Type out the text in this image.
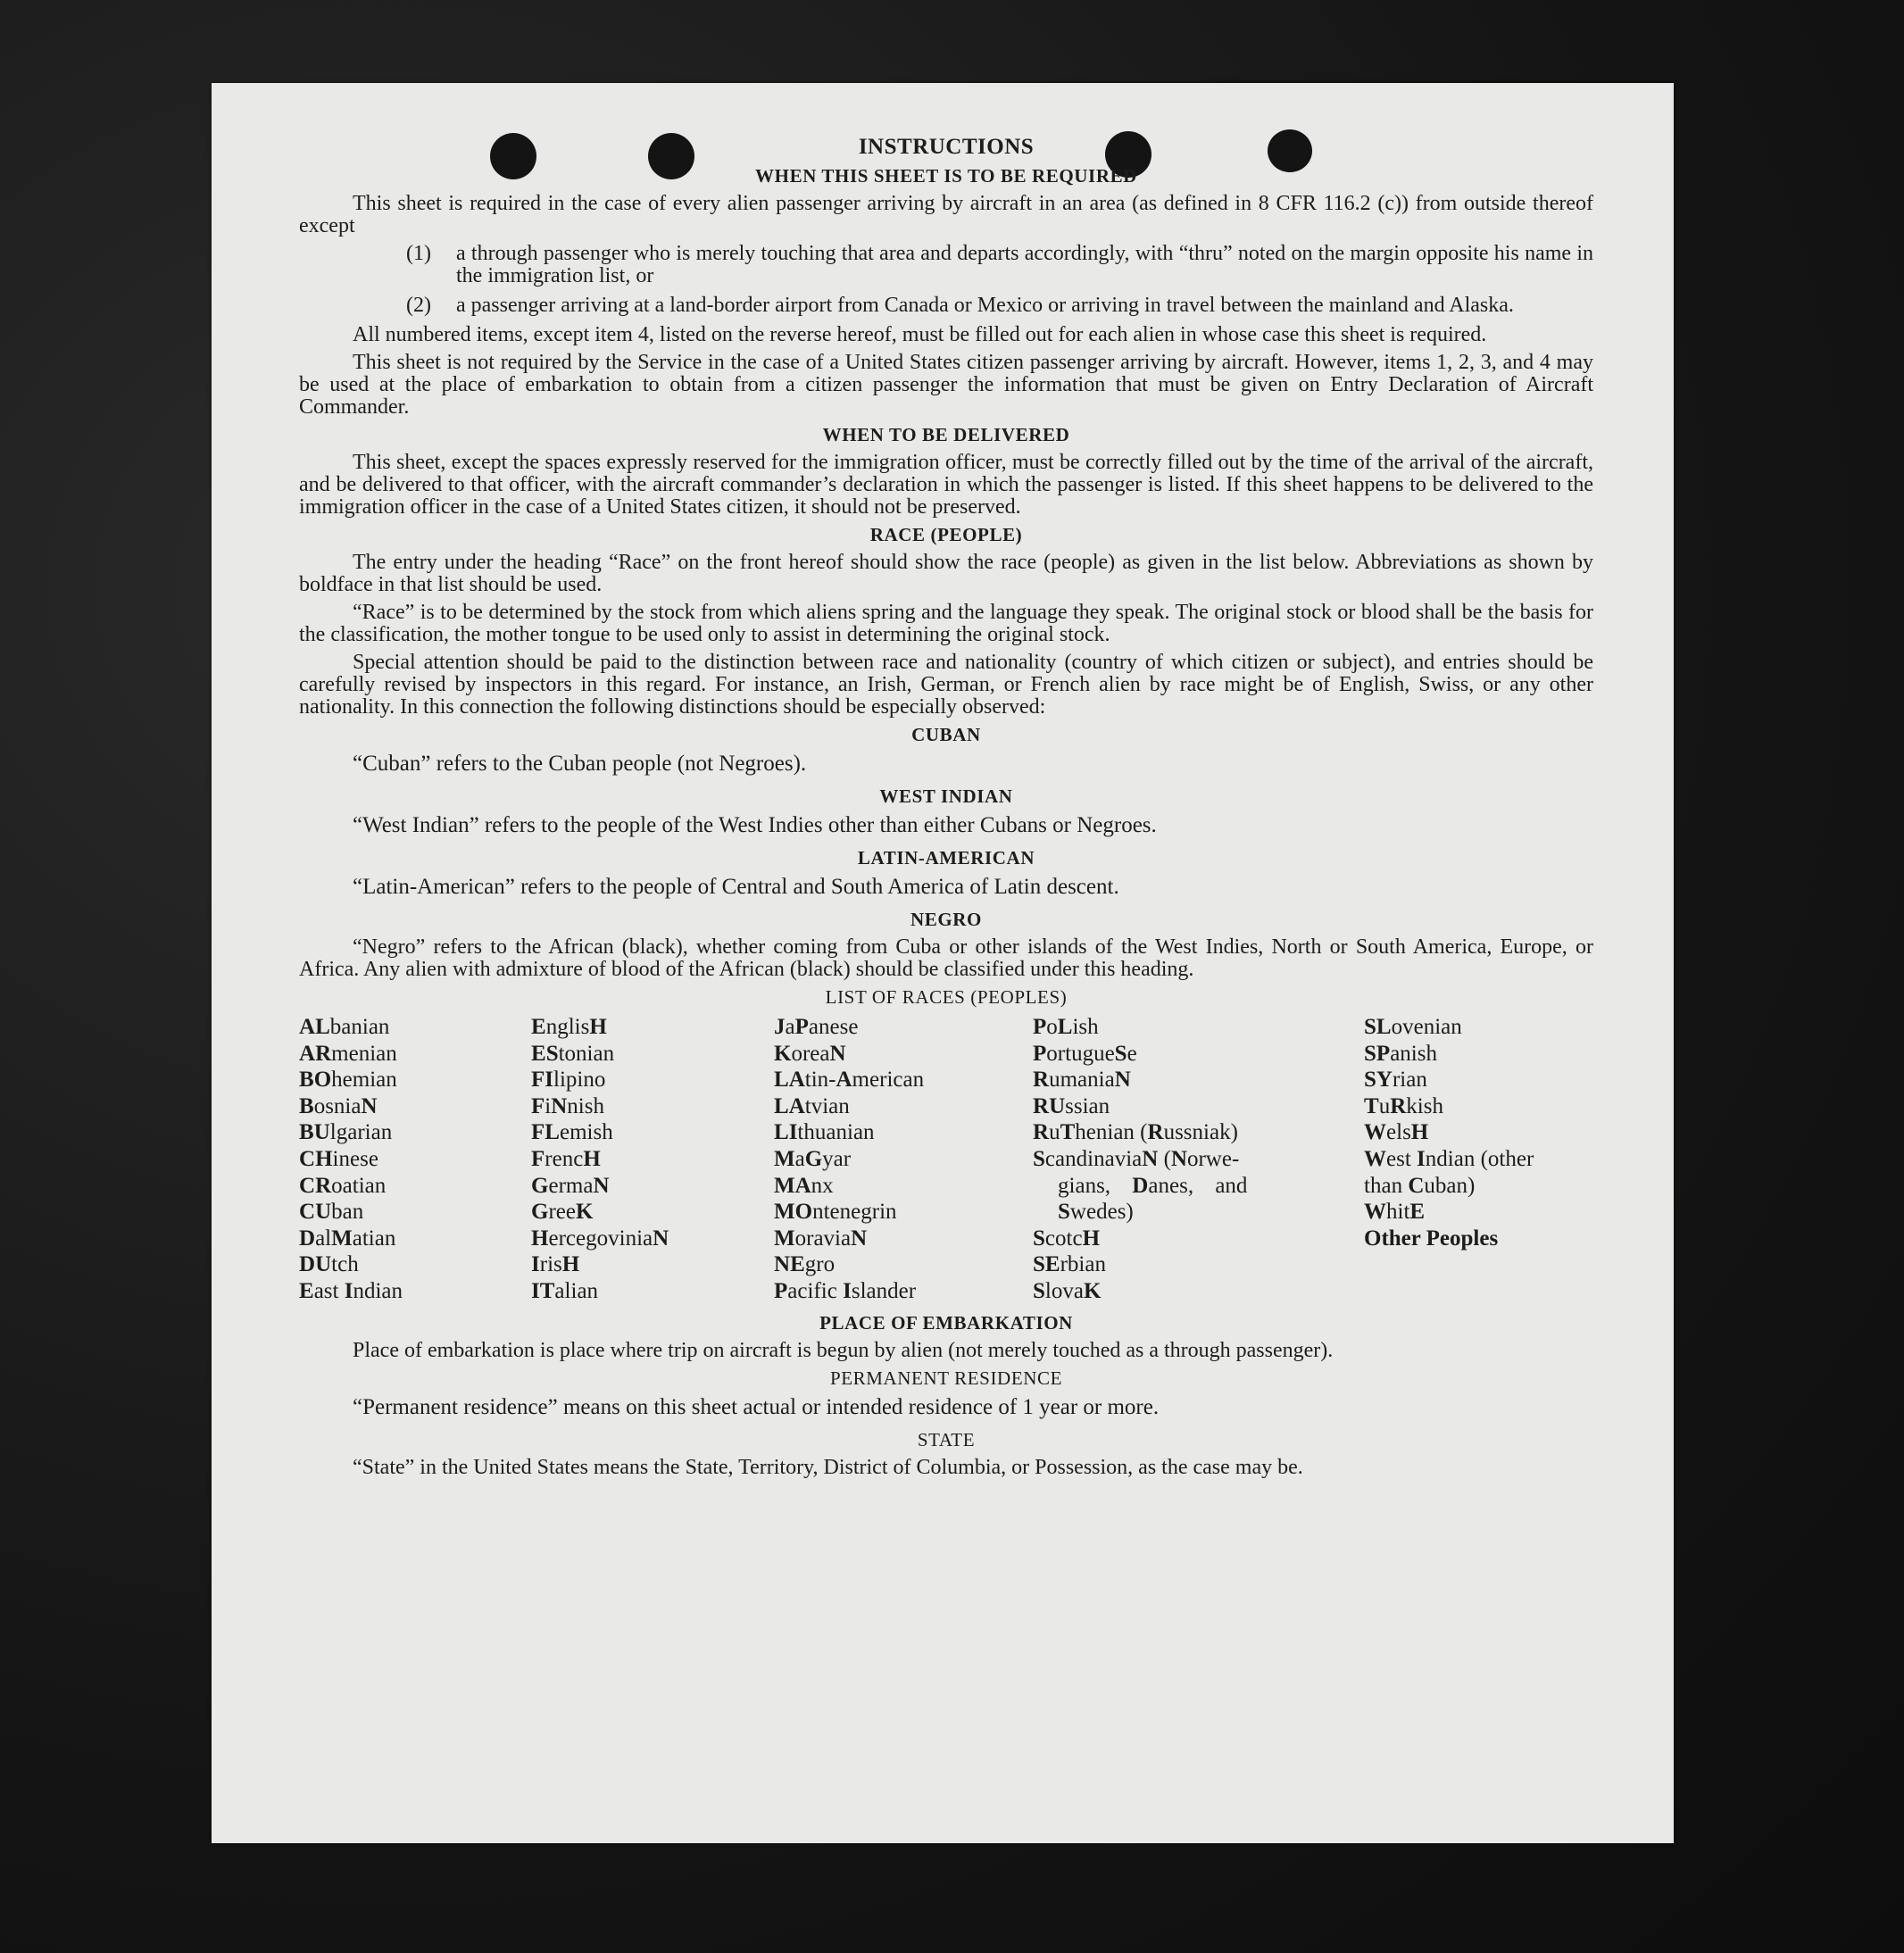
INSTRUCTIONS
WHEN THIS SHEET IS TO BE REQUIRED

This sheet is required in the case of every alien passenger arriving by aircraft in an area (as defined in 8 CFR 116.2 (c)) from outside thereof except

(1)	a through passenger who is merely touching that area and departs accordingly, with “thru” noted on the margin opposite his name in the immigration list, or
(2)	a passenger arriving at a land-border airport from Canada or Mexico or arriving in travel between the mainland and Alaska.

All numbered items, except item 4, listed on the reverse hereof, must be filled out for each alien in whose case this sheet is required.

This sheet is not required by the Service in the case of a United States citizen passenger arriving by aircraft. However, items 1, 2, 3, and 4 may be used at the place of embarkation to obtain from a citizen passenger the information that must be given on Entry Declaration of Aircraft Commander.

WHEN TO BE DELIVERED

This sheet, except the spaces expressly reserved for the immigration officer, must be correctly filled out by the time of the arrival of the aircraft, and be delivered to that officer, with the aircraft commander’s declaration in which the passenger is listed. If this sheet happens to be delivered to the immigration officer in the case of a United States citizen, it should not be preserved.

RACE (PEOPLE)

The entry under the heading “Race” on the front hereof should show the race (people) as given in the list below. Abbreviations as shown by boldface in that list should be used.

“Race” is to be determined by the stock from which aliens spring and the language they speak. The original stock or blood shall be the basis for the classification, the mother tongue to be used only to assist in determining the original stock.

Special attention should be paid to the distinction between race and nationality (country of which citizen or subject), and entries should be carefully revised by inspectors in this regard. For instance, an Irish, German, or French alien by race might be of English, Swiss, or any other nationality. In this connection the following distinctions should be especially observed:

CUBAN
“Cuban” refers to the Cuban people (not Negroes).
WEST INDIAN
“West Indian” refers to the people of the West Indies other than either Cubans or Negroes.
LATIN-AMERICAN
“Latin-American” refers to the people of Central and South America of Latin descent.
NEGRO

“Negro” refers to the African (black), whether coming from Cuba or other islands of the West Indies, North or South America, Europe, or Africa. Any alien with admixture of blood of the African (black) should be classified under this heading.

LIST OF RACES (PEOPLES)
ALbanian
ARmenian
BOhemian
BosniaN
BUlgarian
CHinese
CRoatian
CUban
DalMatian
DUtch
East Indian
EnglisH
EStonian
FIlipino
FiNnish
FLemish
FrencH
GermaN
GreeK
HercegoviniaN
IrisH
ITalian
JaPanese
KoreaN
LAtin-American
LAtvian
LIthuanian
MaGyar
MAnx
MOntenegrin
MoraviaN
NEgro
Pacific Islander
PoLish
PortugueSe
RumaniaN
RUssian
RuThenian (Russniak)
ScandinaviaN (Norwe-
gians, Danes, and
Swedes)
ScotcH
SErbian
SlovaK
SLovenian
SPanish
SYrian
TuRkish
WelsH
West Indian (other
than Cuban)
WhitE
Other Peoples
PLACE OF EMBARKATION

Place of embarkation is place where trip on aircraft is begun by alien (not merely touched as a through passenger).

PERMANENT RESIDENCE
“Permanent residence” means on this sheet actual or intended residence of 1 year or more.
STATE

“State” in the United States means the State, Territory, District of Columbia, or Possession, as the case may be.
